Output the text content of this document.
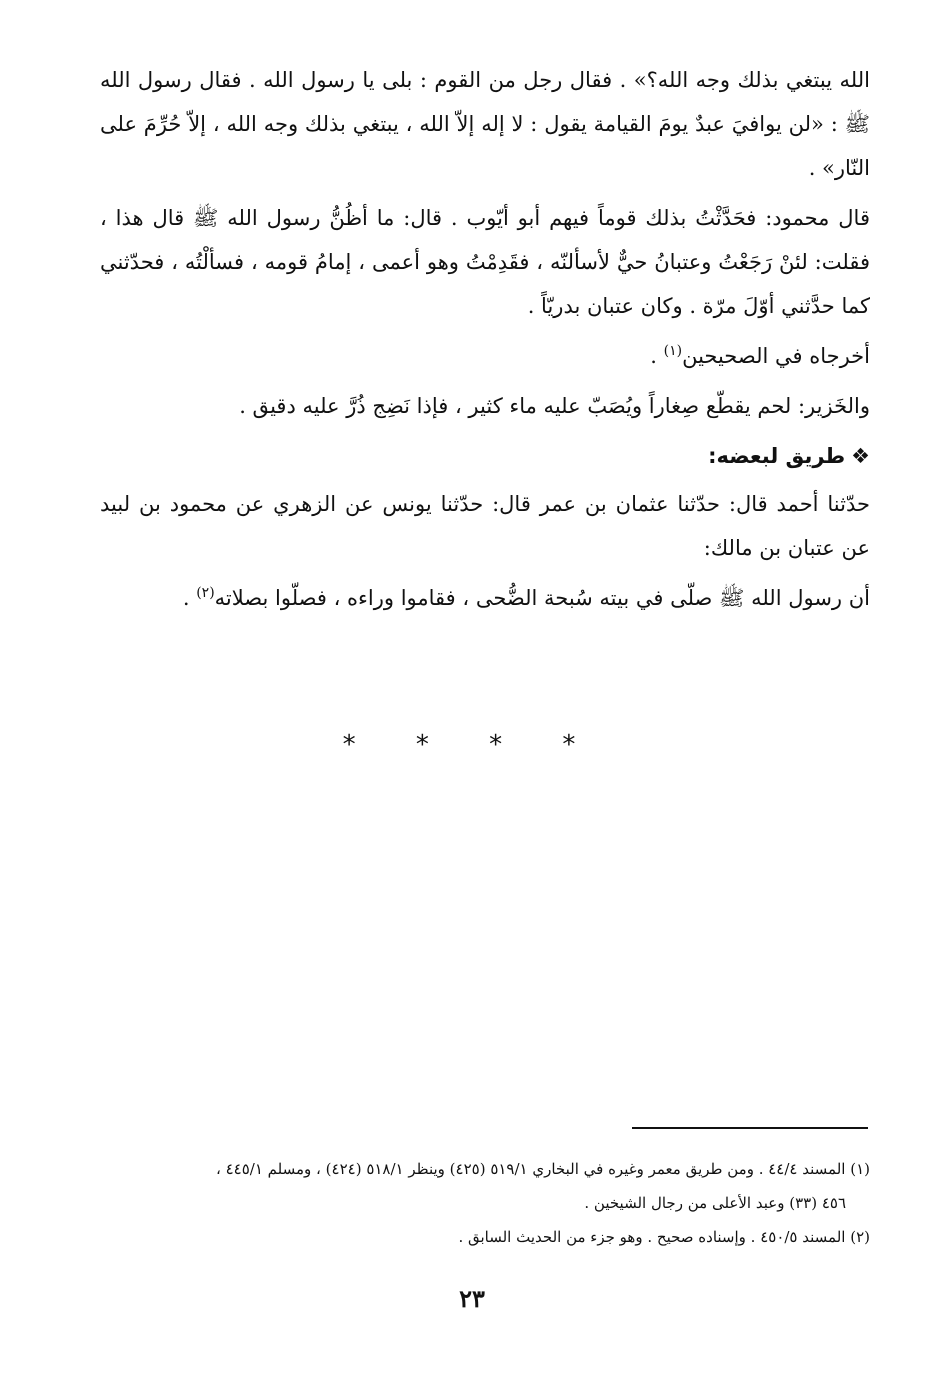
الله يبتغي بذلك وجه الله؟» . فقال رجل من القوم : بلى يا رسول الله . فقال رسول الله ﷺ : «لن يوافيَ عبدٌ يومَ القيامة يقول : لا إله إلاّ الله ، يبتغي بذلك وجه الله ، إلاّ حُرِّمَ على النّار» .

قال محمود: فحَدَّثْتُ بذلك قوماً فيهم أبو أيّوب . قال: ما أظُنُّ رسول الله ﷺ قال هذا ، فقلت: لئنْ رَجَعْتُ وعتبانُ حيٌّ لأسألنّه ، فقَدِمْتُ وهو أعمى ، إمامُ قومه ، فسألْتُه ، فحدّثني كما حدَّثني أوّلَ مرّة . وكان عتبان بدريّاً .

أخرجاه في الصحيحين$^{(١)}$ .

والخَزير: لحم يقطّع صِغاراً ويُصَبّ عليه ماء كثير ، فإذا نَضِج ذُرَّ عليه دقيق .

❖طريق لبعضه:

حدّثنا أحمد قال: حدّثنا عثمان بن عمر قال: حدّثنا يونس عن الزهري عن محمود بن لبيد عن عتبان بن مالك:

أن رسول الله ﷺ صلّى في بيته سُبحة الضُّحى ، فقاموا وراءه ، فصلّوا بصلاته$^{(٢)}$ .

* * * *

(١) المسند ٤٤/٤ . ومن طريق معمر وغيره في البخاري ٥١٩/١ (٤٢٥) وينظر ٥١٨/١ (٤٢٤) ، ومسلم ٤٤٥/١ ،
٤٥٦ (٣٣) وعبد الأعلى من رجال الشيخين .

(٢) المسند ٤٥٠/٥ . وإسناده صحيح . وهو جزء من الحديث السابق .

٢٣
